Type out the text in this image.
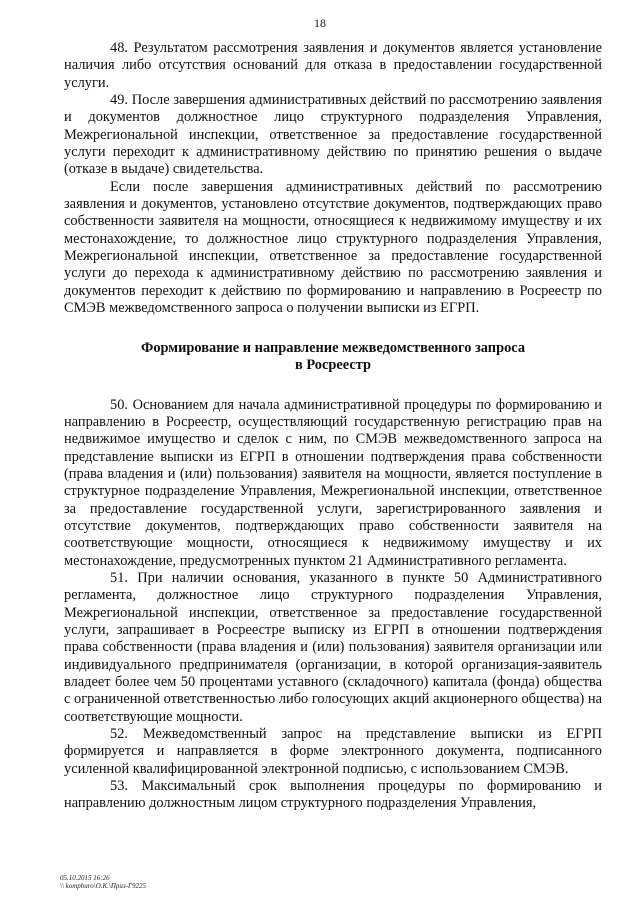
18

48. Результатом рассмотрения заявления и документов является установление наличия либо отсутствия оснований для отказа в предоставлении государственной услуги.

49. После завершения административных действий по рассмотрению заявления и документов должностное лицо структурного подразделения Управления, Межрегиональной инспекции, ответственное за предоставление государственной услуги переходит к административному действию по принятию решения о выдаче (отказе в выдаче) свидетельства.

Если после завершения административных действий по рассмотрению заявления и документов, установлено отсутствие документов, подтверждающих право собственности заявителя на мощности, относящиеся к недвижимому имуществу и их местонахождение, то должностное лицо структурного подразделения Управления, Межрегиональной инспекции, ответственное за предоставление государственной услуги до перехода к административному действию по рассмотрению заявления и документов переходит к действию по формированию и направлению в Росреестр по СМЭВ межведомственного запроса о получении выписки из ЕГРП.

Формирование и направление межведомственного запроса
в Росреестр

50. Основанием для начала административной процедуры по формированию и направлению в Росреестр, осуществляющий государственную регистрацию прав на недвижимое имущество и сделок с ним, по СМЭВ межведомственного запроса на представление выписки из ЕГРП в отношении подтверждения права собственности (права владения и (или) пользования) заявителя на мощности, является поступление в структурное подразделение Управления, Межрегиональной инспекции, ответственное за предоставление государственной услуги, зарегистрированного заявления и отсутствие документов, подтверждающих право собственности заявителя на соответствующие мощности, относящиеся к недвижимому имуществу и их местонахождение, предусмотренных пунктом 21 Административного регламента.

51. При наличии основания, указанного в пункте 50 Административного регламента, должностное лицо структурного подразделения Управления, Межрегиональной инспекции, ответственное за предоставление государственной услуги, запрашивает в Росреестре выписку из ЕГРП в отношении подтверждения права собственности (права владения и (или) пользования) заявителя организации или индивидуального предпринимателя (организации, в которой организация-заявитель владеет более чем 50 процентами уставного (складочного) капитала (фонда) общества с ограниченной ответственностью либо голосующих акций акционерного общества) на соответствующие мощности.

52. Межведомственный запрос на представление выписки из ЕГРП формируется и направляется в форме электронного документа, подписанного усиленной квалифицированной электронной подписью, с использованием СМЭВ.

53. Максимальный срок выполнения процедуры по формированию и направлению должностным лицом структурного подразделения Управления,

05.10.2015 16:26
\\ kompburo\O.K.\Приз-Г9225
